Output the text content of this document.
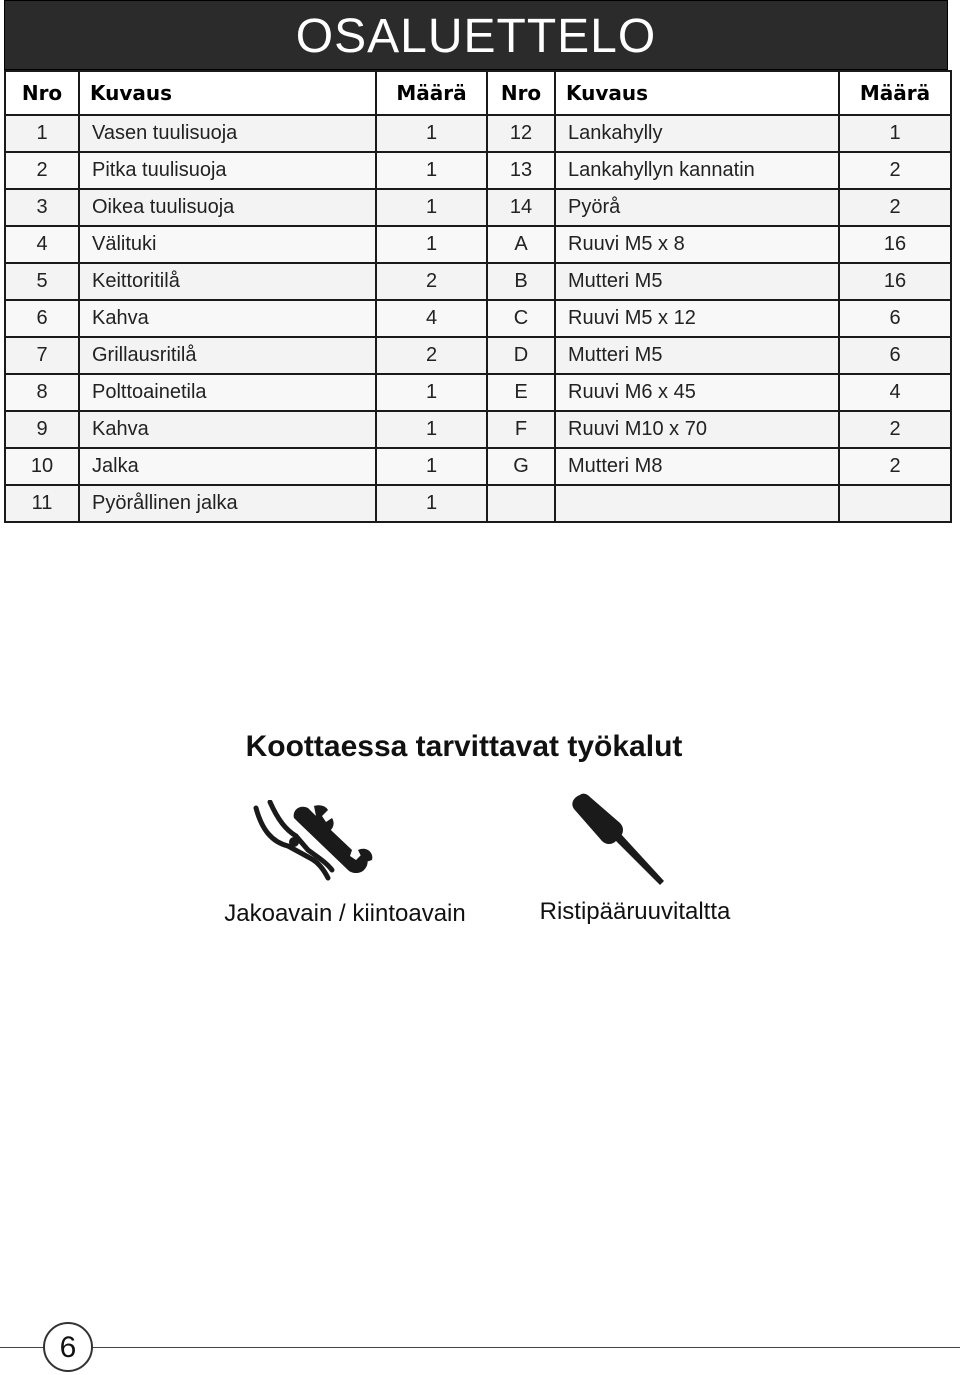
OSALUETTELO
Nro	Kuvaus	Määrä	Nro	Kuvaus	Määrä
1	Vasen tuulisuoja	1	12	Lankahylly	1
2	Pitka tuulisuoja	1	13	Lankahyllyn kannatin	2
3	Oikea tuulisuoja	1	14	Pyörå	2
4	Välituki	1	A	Ruuvi M5 x 8	16
5	Keittoritilå	2	B	Mutteri M5	16
6	Kahva	4	C	Ruuvi M5 x 12	6
7	Grillausritilå	2	D	Mutteri M5	6
8	Polttoainetila	1	E	Ruuvi M6 x 45	4
9	Kahva	1	F	Ruuvi M10 x 70	2
10	Jalka	1	G	Mutteri M8	2
11	Pyörållinen jalka	1			
Koottaessa tarvittavat työkalut
Jakoavain / kiintoavain	Ristipääruuvitaltta
6
